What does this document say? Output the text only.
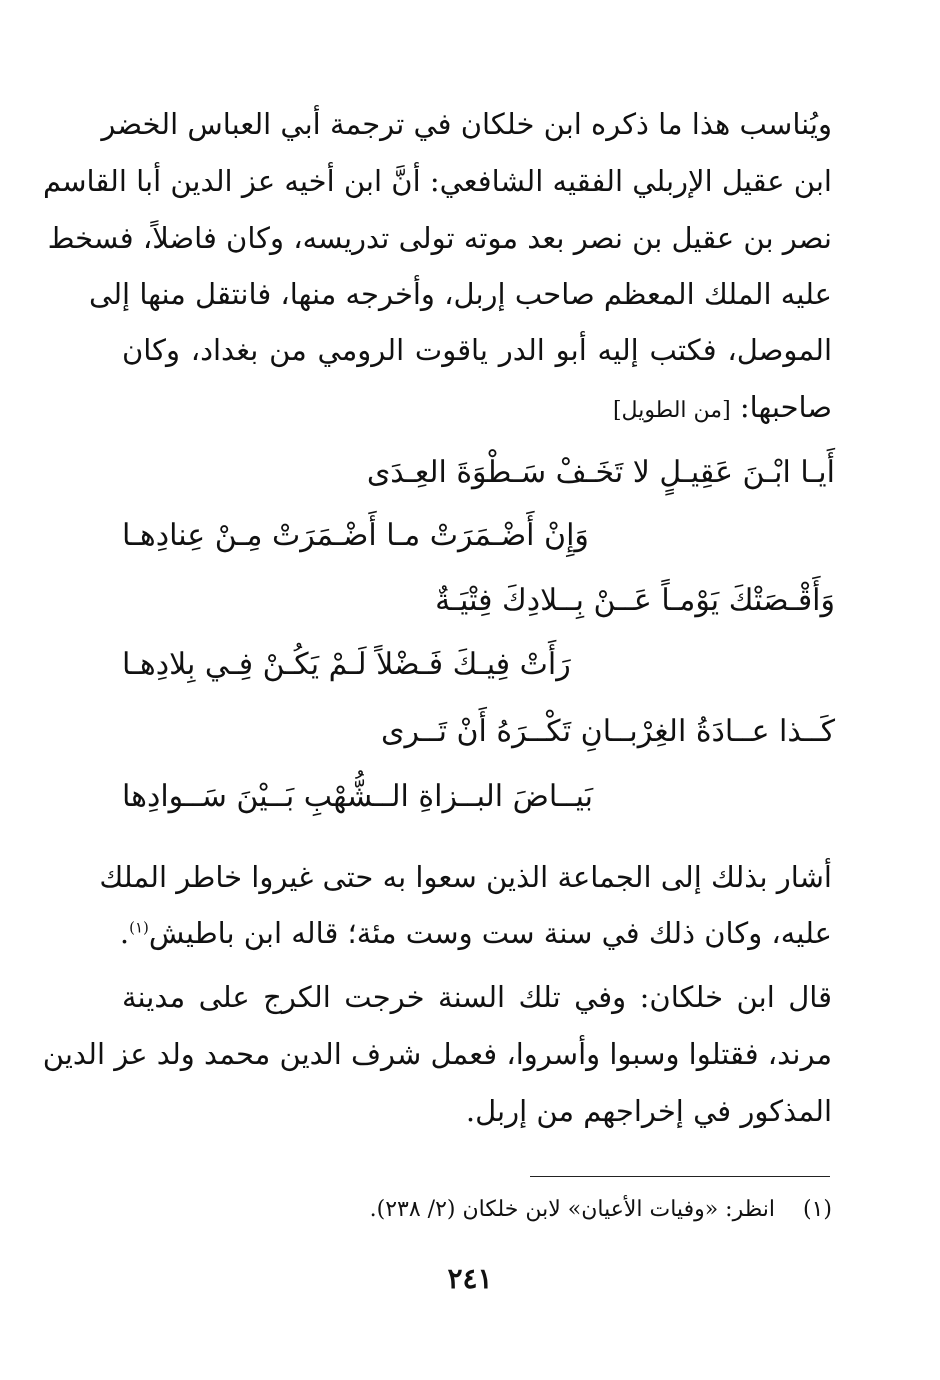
ويُناسب هذا ما ذكره ابن خلكان في ترجمة أبي العباس الخضر
ابن عقيل الإربلي الفقيه الشافعي: أنَّ ابن أخيه عز الدين أبا القاسم
نصر بن عقيل بن نصر بعد موته تولى تدريسه، وكان فاضلاً، فسخط
عليه الملك المعظم صاحب إربل، وأخرجه منها، فانتقل منها إلى
الموصل، فكتب إليه أبو الدر ياقوت الرومي من بغداد، وكان
صاحبها: [من الطويل]
أَيـا ابْـنَ عَقِيـلٍ لا تَخَـفْ سَـطْوَةَ العِـدَى
وَإِنْ أَضْـمَرَتْ مـا أَضْـمَرَتْ مِـنْ عِنادِهـا
وَأَقْـصَتْكَ يَوْمـاً عَــنْ بِــلادِكَ فِتْيَـةٌ
رَأَتْ فِيـكَ فَـضْلاً لَـمْ يَكُـنْ فِـي بِلادِهـا
كَــذا عــادَةُ الغِرْبــانِ تَكْــرَهُ أَنْ تَــرى
بَيــاضَ البــزاةِ الــشُّهْبِ بَــيْنَ سَــوادِها
أشار بذلك إلى الجماعة الذين سعوا به حتى غيروا خاطر الملك
عليه، وكان ذلك في سنة ست وست مئة؛ قاله ابن باطيش$^{(١)}$.
قال ابن خلكان: وفي تلك السنة خرجت الكرج على مدينة
مرند، فقتلوا وسبوا وأسروا، فعمل شرف الدين محمد ولد عز الدين
المذكور في إخراجهم من إربل.
(١)    انظر: «وفيات الأعيان» لابن خلكان (٢/ ٢٣٨).
٢٤١
